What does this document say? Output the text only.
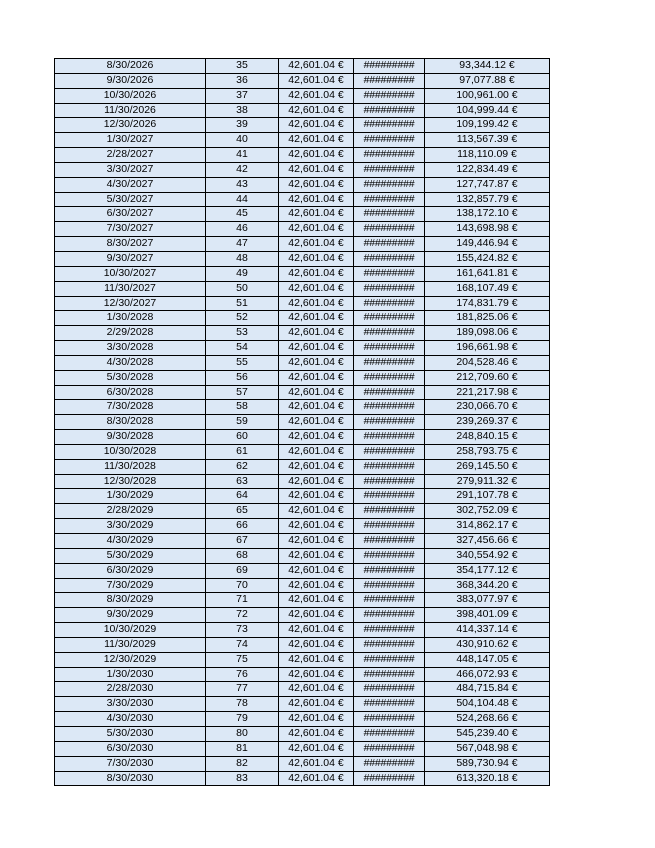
8/30/2026	35	42,601.04 €	#########	93,344.12 €
9/30/2026	36	42,601.04 €	#########	97,077.88 €
10/30/2026	37	42,601.04 €	#########	100,961.00 €
11/30/2026	38	42,601.04 €	#########	104,999.44 €
12/30/2026	39	42,601.04 €	#########	109,199.42 €
1/30/2027	40	42,601.04 €	#########	113,567.39 €
2/28/2027	41	42,601.04 €	#########	118,110.09 €
3/30/2027	42	42,601.04 €	#########	122,834.49 €
4/30/2027	43	42,601.04 €	#########	127,747.87 €
5/30/2027	44	42,601.04 €	#########	132,857.79 €
6/30/2027	45	42,601.04 €	#########	138,172.10 €
7/30/2027	46	42,601.04 €	#########	143,698.98 €
8/30/2027	47	42,601.04 €	#########	149,446.94 €
9/30/2027	48	42,601.04 €	#########	155,424.82 €
10/30/2027	49	42,601.04 €	#########	161,641.81 €
11/30/2027	50	42,601.04 €	#########	168,107.49 €
12/30/2027	51	42,601.04 €	#########	174,831.79 €
1/30/2028	52	42,601.04 €	#########	181,825.06 €
2/29/2028	53	42,601.04 €	#########	189,098.06 €
3/30/2028	54	42,601.04 €	#########	196,661.98 €
4/30/2028	55	42,601.04 €	#########	204,528.46 €
5/30/2028	56	42,601.04 €	#########	212,709.60 €
6/30/2028	57	42,601.04 €	#########	221,217.98 €
7/30/2028	58	42,601.04 €	#########	230,066.70 €
8/30/2028	59	42,601.04 €	#########	239,269.37 €
9/30/2028	60	42,601.04 €	#########	248,840.15 €
10/30/2028	61	42,601.04 €	#########	258,793.75 €
11/30/2028	62	42,601.04 €	#########	269,145.50 €
12/30/2028	63	42,601.04 €	#########	279,911.32 €
1/30/2029	64	42,601.04 €	#########	291,107.78 €
2/28/2029	65	42,601.04 €	#########	302,752.09 €
3/30/2029	66	42,601.04 €	#########	314,862.17 €
4/30/2029	67	42,601.04 €	#########	327,456.66 €
5/30/2029	68	42,601.04 €	#########	340,554.92 €
6/30/2029	69	42,601.04 €	#########	354,177.12 €
7/30/2029	70	42,601.04 €	#########	368,344.20 €
8/30/2029	71	42,601.04 €	#########	383,077.97 €
9/30/2029	72	42,601.04 €	#########	398,401.09 €
10/30/2029	73	42,601.04 €	#########	414,337.14 €
11/30/2029	74	42,601.04 €	#########	430,910.62 €
12/30/2029	75	42,601.04 €	#########	448,147.05 €
1/30/2030	76	42,601.04 €	#########	466,072.93 €
2/28/2030	77	42,601.04 €	#########	484,715.84 €
3/30/2030	78	42,601.04 €	#########	504,104.48 €
4/30/2030	79	42,601.04 €	#########	524,268.66 €
5/30/2030	80	42,601.04 €	#########	545,239.40 €
6/30/2030	81	42,601.04 €	#########	567,048.98 €
7/30/2030	82	42,601.04 €	#########	589,730.94 €
8/30/2030	83	42,601.04 €	#########	613,320.18 €
